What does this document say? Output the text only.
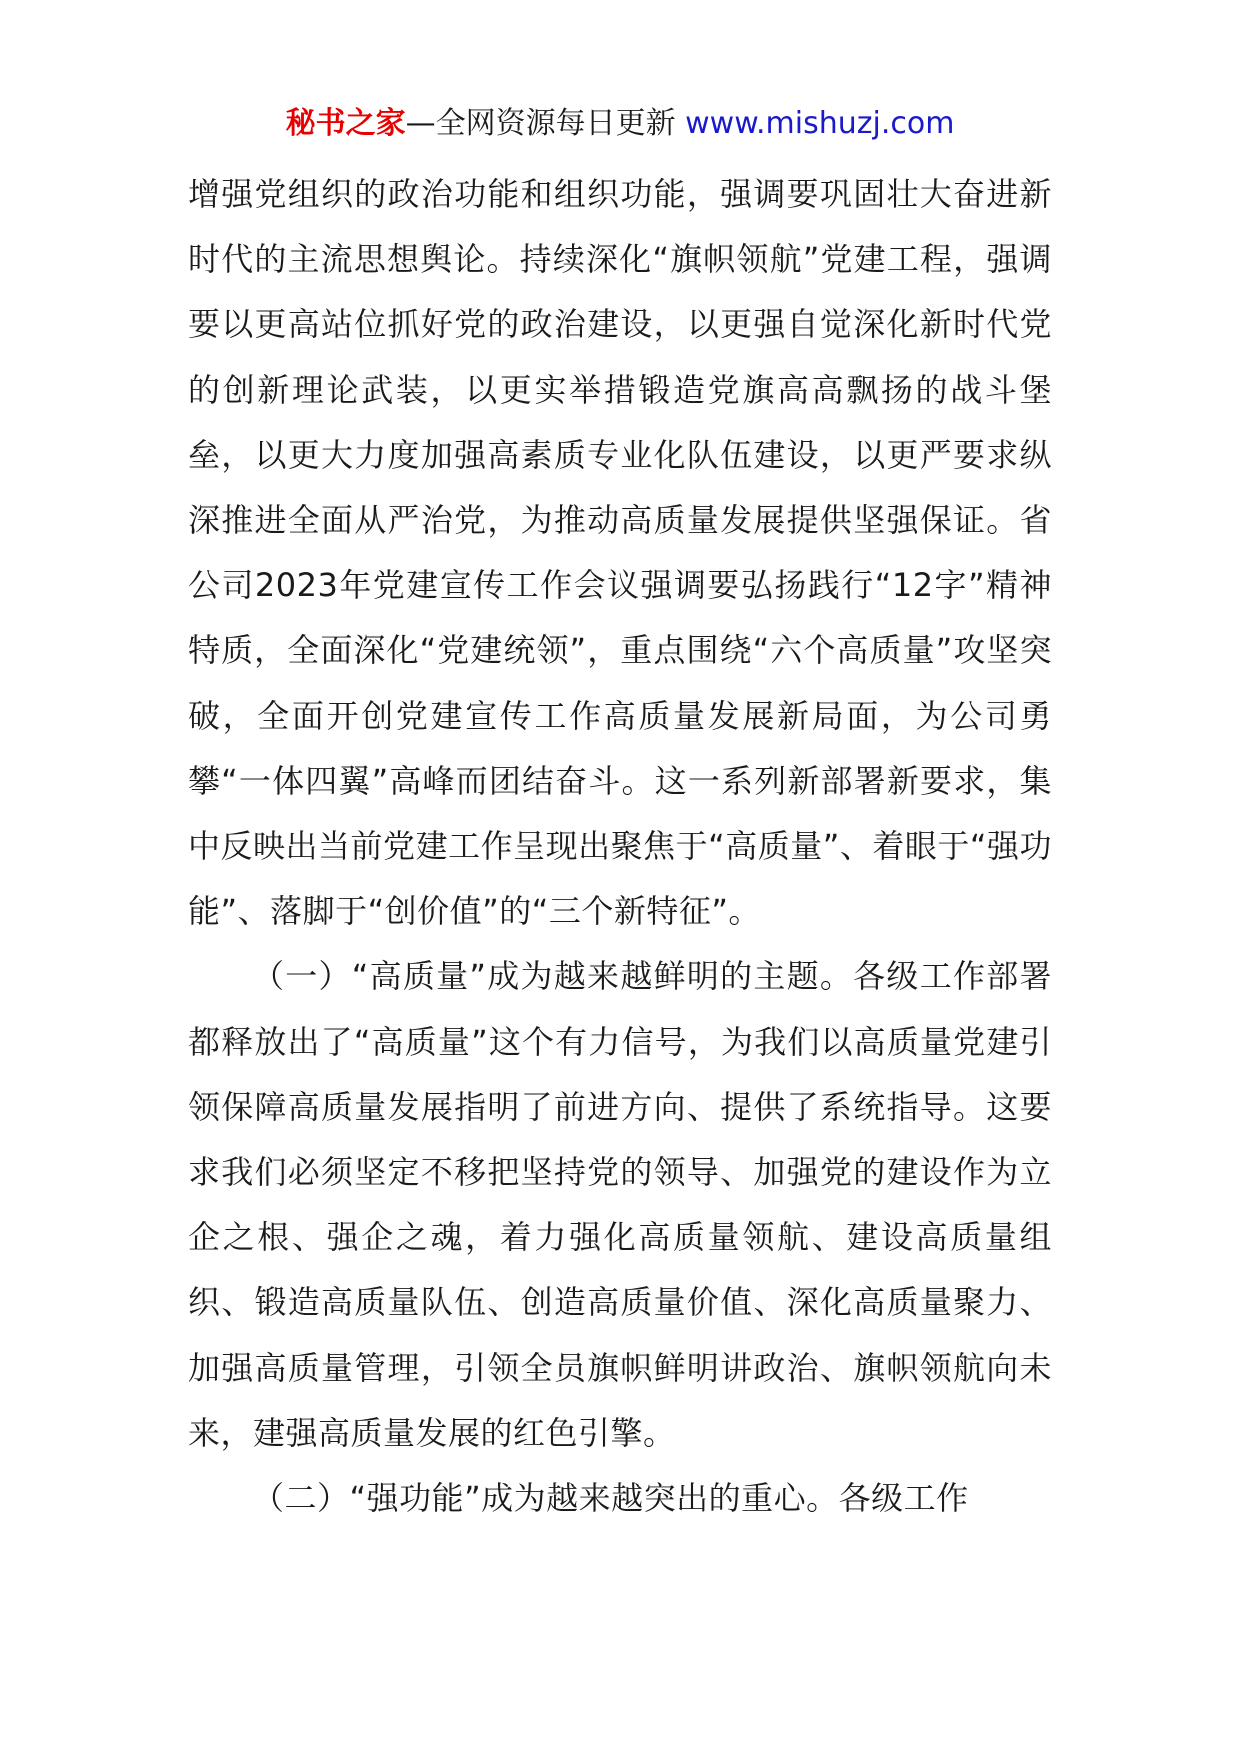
秘书之家—全网资源每日更新 www.mishuzj.com

增强党组织的政治功能和组织功能，强调要巩固壮大奋进新时代的主流思想舆论。持续深化“旗帜领航”党建工程，强调要以更高站位抓好党的政治建设，以更强自觉深化新时代党的创新理论武装，以更实举措锻造党旗高高飘扬的战斗堡垒，以更大力度加强高素质专业化队伍建设，以更严要求纵深推进全面从严治党，为推动高质量发展提供坚强保证。省公司2023年党建宣传工作会议强调要弘扬践行“12字”精神特质，全面深化“党建统领”，重点围绕“六个高质量”攻坚突破，全面开创党建宣传工作高质量发展新局面，为公司勇攀“一体四翼”高峰而团结奋斗。这一系列新部署新要求，集中反映出当前党建工作呈现出聚焦于“高质量”、着眼于“强功能”、落脚于“创价值”的“三个新特征”。

（一）“高质量”成为越来越鲜明的主题。各级工作部署都释放出了“高质量”这个有力信号，为我们以高质量党建引领保障高质量发展指明了前进方向、提供了系统指导。这要求我们必须坚定不移把坚持党的领导、加强党的建设作为立企之根、强企之魂，着力强化高质量领航、建设高质量组织、锻造高质量队伍、创造高质量价值、深化高质量聚力、加强高质量管理，引领全员旗帜鲜明讲政治、旗帜领航向未来，建强高质量发展的红色引擎。

（二）“强功能”成为越来越突出的重心。各级工作
